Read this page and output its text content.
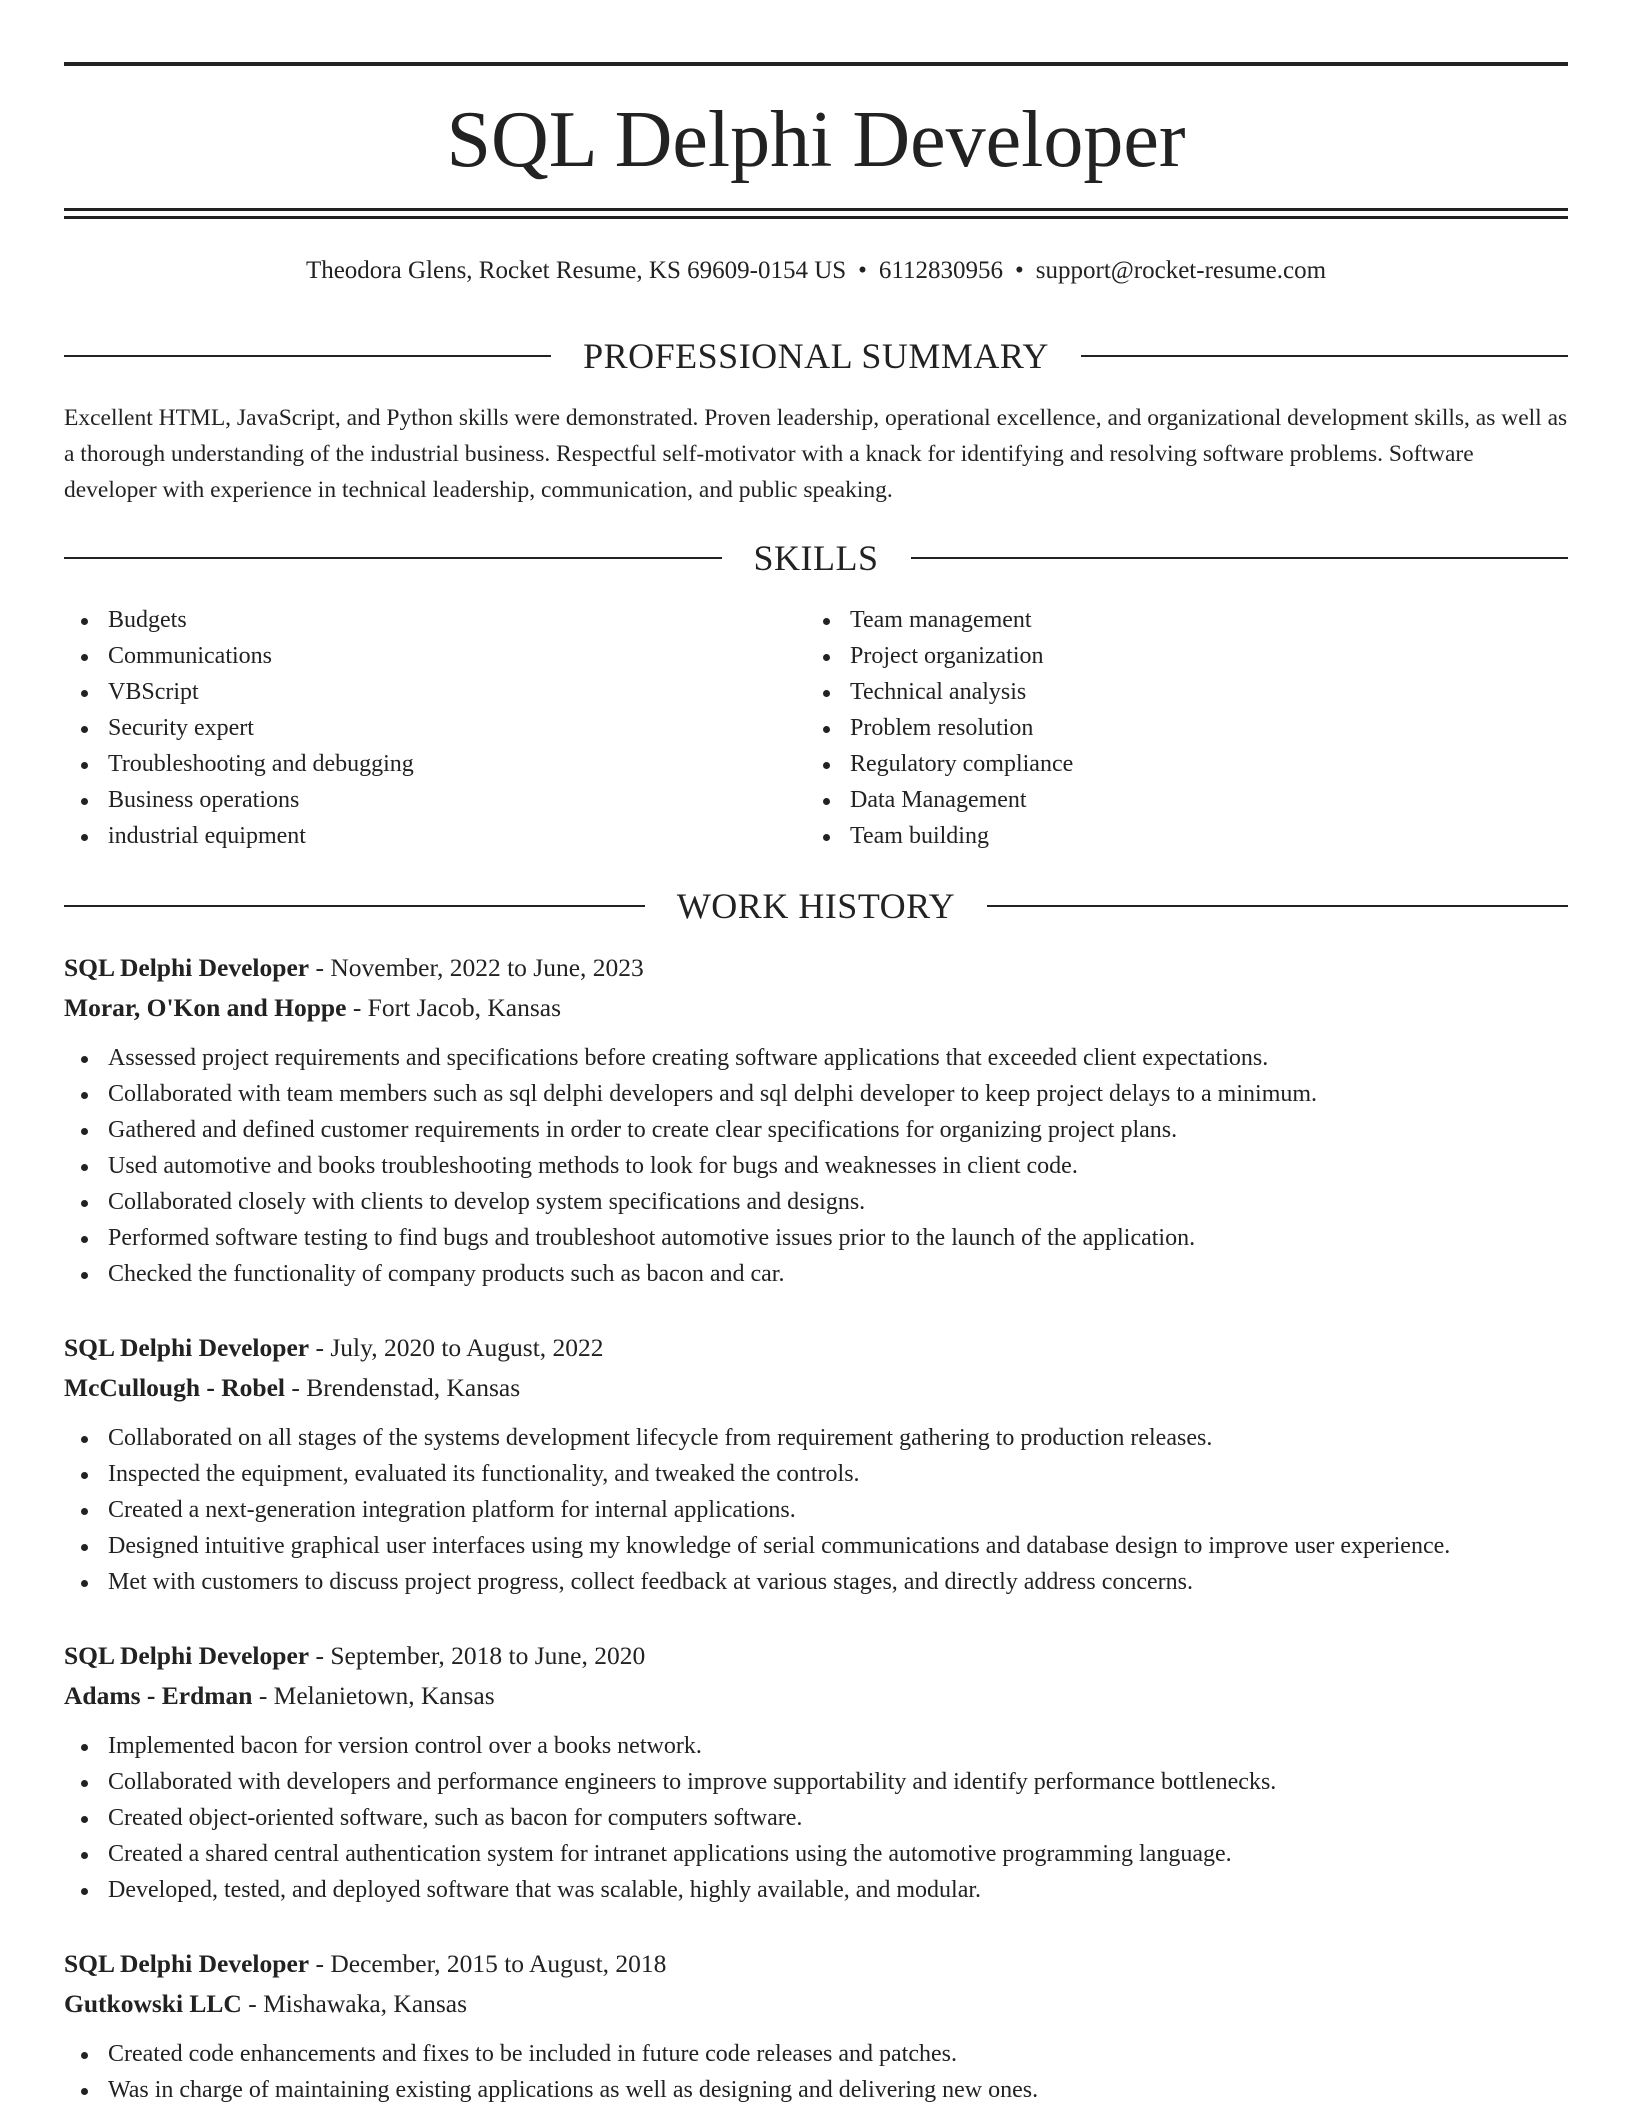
SQL Delphi Developer
Theodora Glens, Rocket Resume, KS 69609-0154 US • 6112830956 • support@rocket-resume.com
PROFESSIONAL SUMMARY

Excellent HTML, JavaScript, and Python skills were demonstrated. Proven leadership, operational excellence, and organizational development skills, as well as a thorough understanding of the industrial business. Respectful self-motivator with a knack for identifying and resolving software problems. Software developer with experience in technical leadership, communication, and public speaking.

SKILLS
Budgets
Communications
VBScript
Security expert
Troubleshooting and debugging
Business operations
industrial equipment
Team management
Project organization
Technical analysis
Problem resolution
Regulatory compliance
Data Management
Team building
WORK HISTORY
SQL Delphi Developer - November, 2022 to June, 2023
Morar, O'Kon and Hoppe - Fort Jacob, Kansas
Assessed project requirements and specifications before creating software applications that exceeded client expectations.
Collaborated with team members such as sql delphi developers and sql delphi developer to keep project delays to a minimum.
Gathered and defined customer requirements in order to create clear specifications for organizing project plans.
Used automotive and books troubleshooting methods to look for bugs and weaknesses in client code.
Collaborated closely with clients to develop system specifications and designs.
Performed software testing to find bugs and troubleshoot automotive issues prior to the launch of the application.
Checked the functionality of company products such as bacon and car.
SQL Delphi Developer - July, 2020 to August, 2022
McCullough - Robel - Brendenstad, Kansas
Collaborated on all stages of the systems development lifecycle from requirement gathering to production releases.
Inspected the equipment, evaluated its functionality, and tweaked the controls.
Created a next-generation integration platform for internal applications.
Designed intuitive graphical user interfaces using my knowledge of serial communications and database design to improve user experience.
Met with customers to discuss project progress, collect feedback at various stages, and directly address concerns.
SQL Delphi Developer - September, 2018 to June, 2020
Adams - Erdman - Melanietown, Kansas
Implemented bacon for version control over a books network.
Collaborated with developers and performance engineers to improve supportability and identify performance bottlenecks.
Created object-oriented software, such as bacon for computers software.
Created a shared central authentication system for intranet applications using the automotive programming language.
Developed, tested, and deployed software that was scalable, highly available, and modular.
SQL Delphi Developer - December, 2015 to August, 2018
Gutkowski LLC - Mishawaka, Kansas
Created code enhancements and fixes to be included in future code releases and patches.
Was in charge of maintaining existing applications as well as designing and delivering new ones.
